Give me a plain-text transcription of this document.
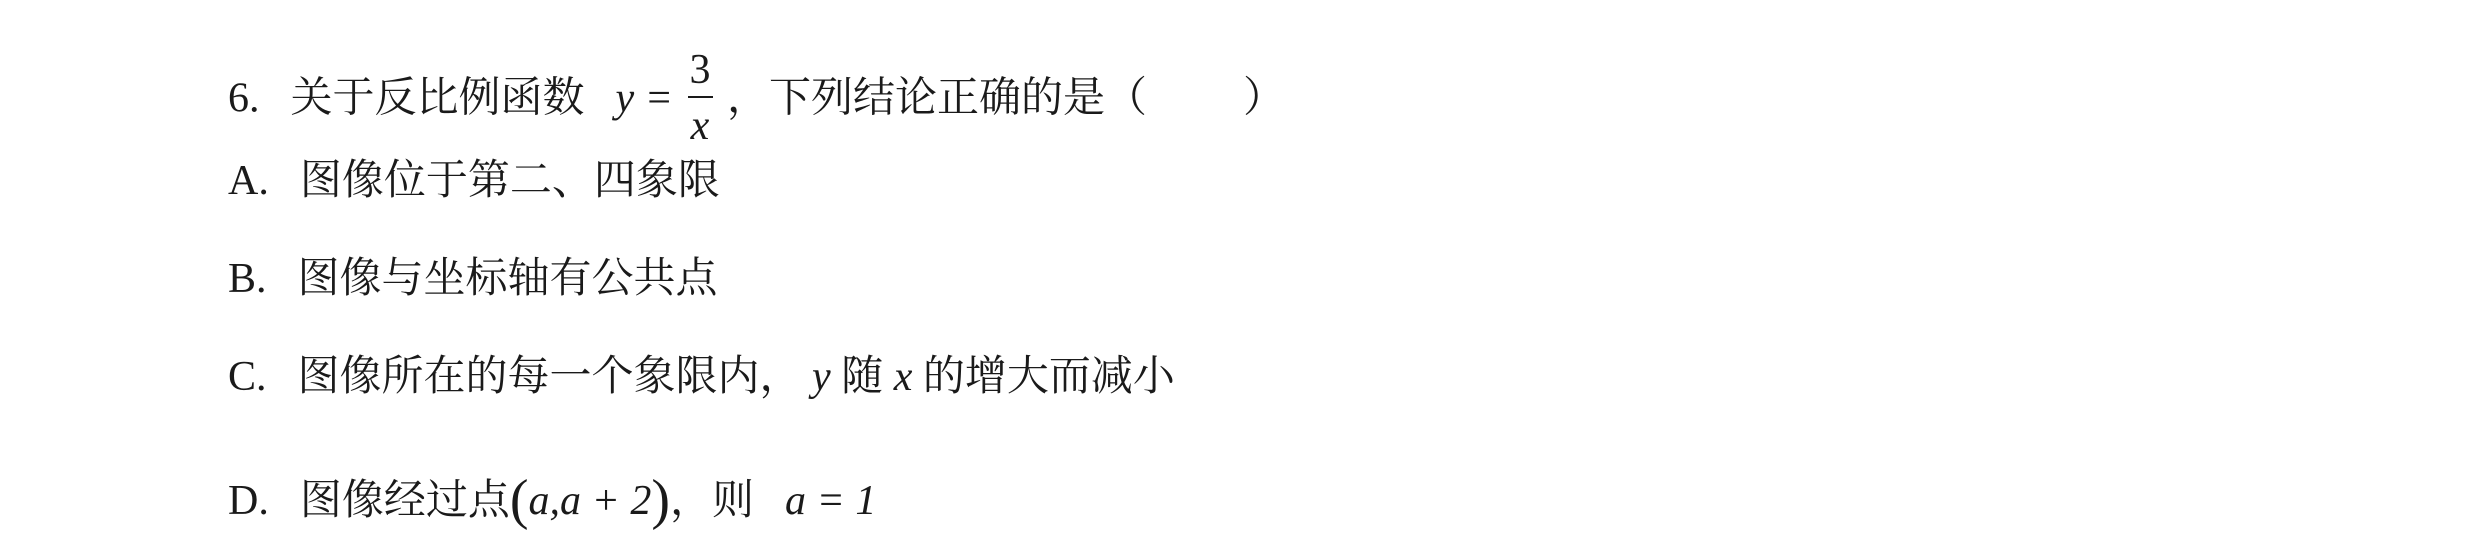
6. 关于反比例函数 $y = \frac{3}{x}$ ，下列结论正确的是（ ）
A. 图像位于第二、四象限
B. 图像与坐标轴有公共点
C. 图像所在的每一个象限内， y 随 x 的增大而减小
D. 图像经过点(a,a + 2)，则 a = 1
